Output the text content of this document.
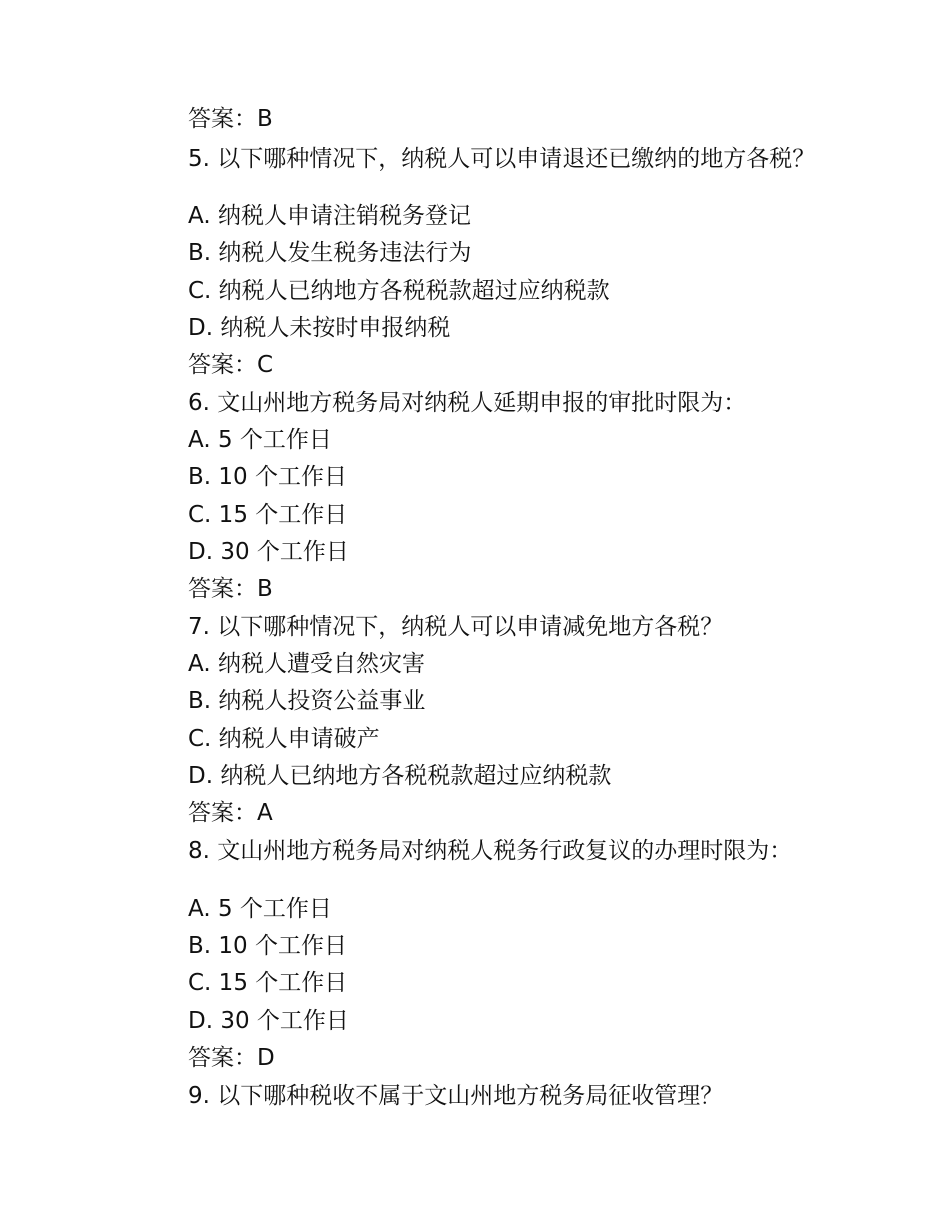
答案：B
5. 以下哪种情况下，纳税人可以申请退还已缴纳的地方各税？
A. 纳税人申请注销税务登记
B. 纳税人发生税务违法行为
C. 纳税人已纳地方各税税款超过应纳税款
D. 纳税人未按时申报纳税
答案：C
6. 文山州地方税务局对纳税人延期申报的审批时限为：
A. 5 个工作日
B. 10 个工作日
C. 15 个工作日
D. 30 个工作日
答案：B
7. 以下哪种情况下，纳税人可以申请减免地方各税？
A. 纳税人遭受自然灾害
B. 纳税人投资公益事业
C. 纳税人申请破产
D. 纳税人已纳地方各税税款超过应纳税款
答案：A
8. 文山州地方税务局对纳税人税务行政复议的办理时限为：
A. 5 个工作日
B. 10 个工作日
C. 15 个工作日
D. 30 个工作日
答案：D
9. 以下哪种税收不属于文山州地方税务局征收管理？
